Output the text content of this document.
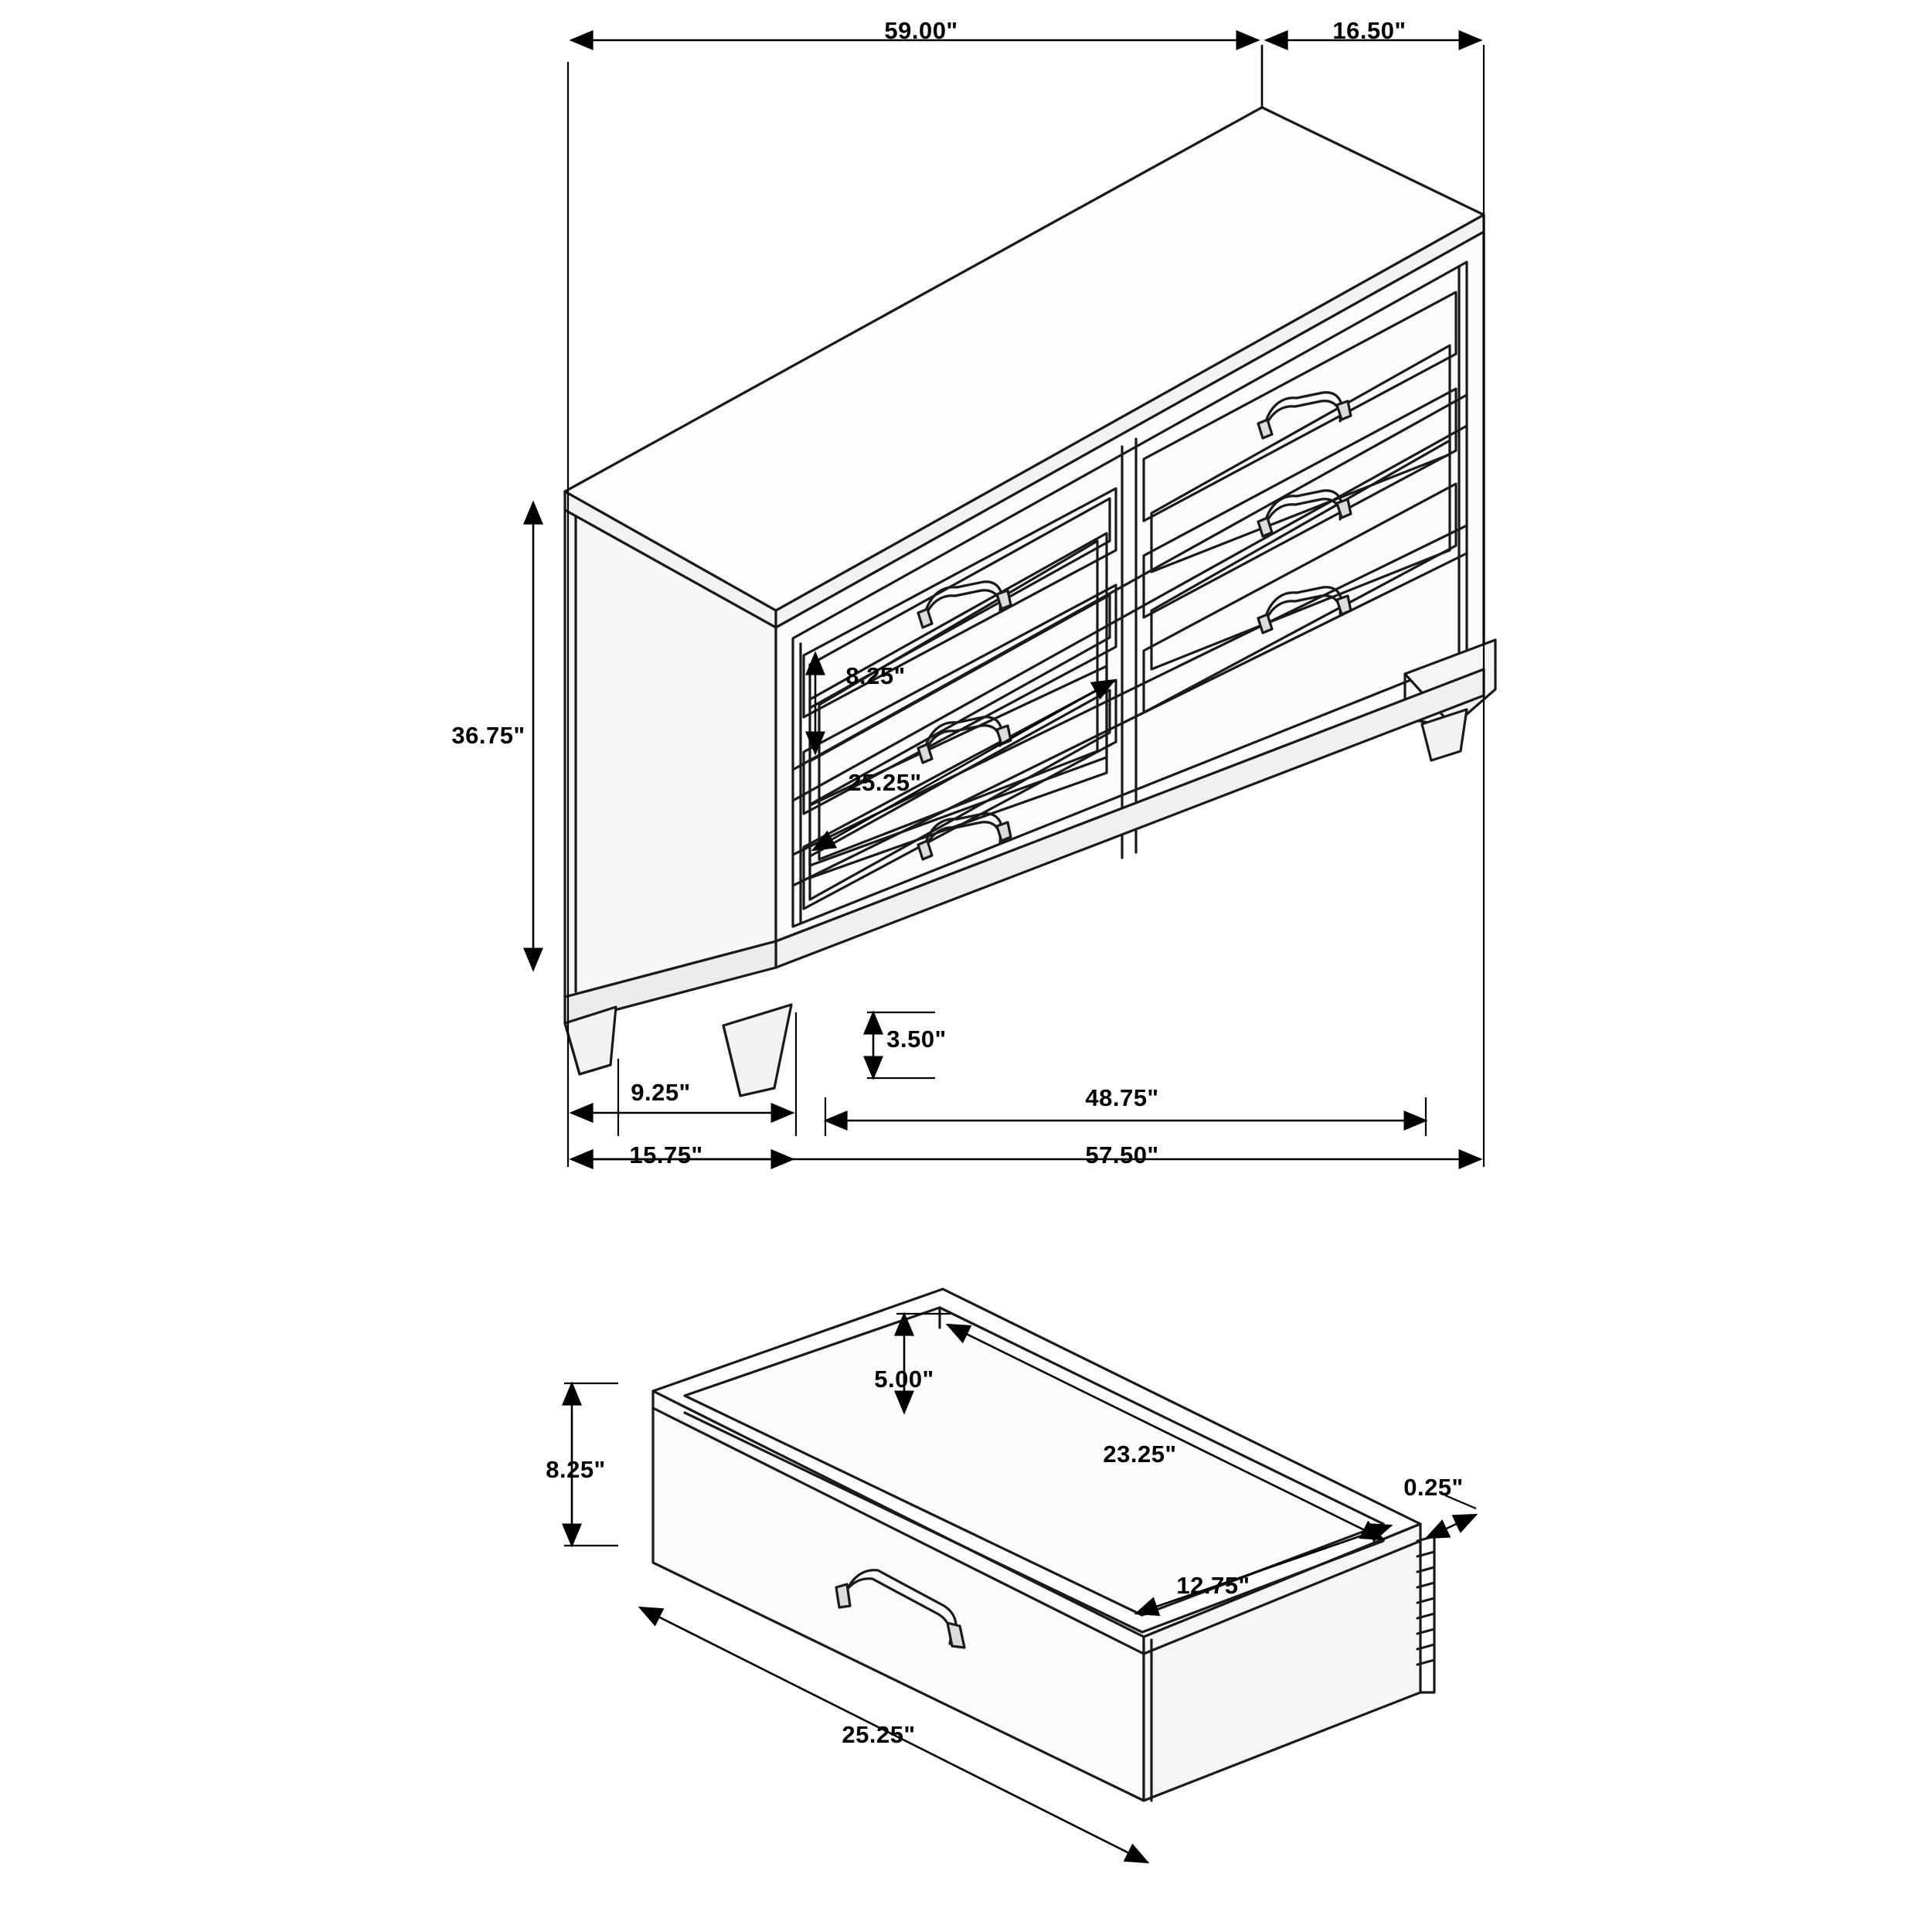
59.00"	16.50"
36.75"
8.25"
25.25"
3.50"
9.25"
15.75"
48.75"
57.50"
5.00"
8.25"
23.25"
0.25"
12.75"
25.25"
